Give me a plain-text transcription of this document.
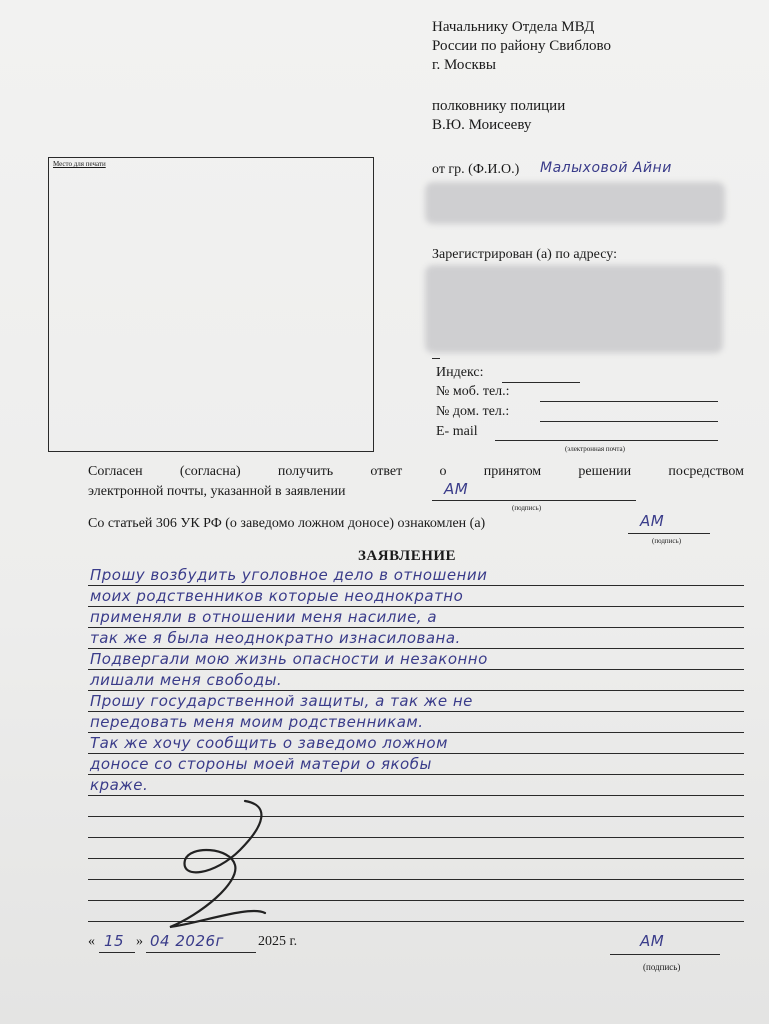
Начальнику Отдела МВД
России по району Свиблово
г. Москвы
полковнику полиции
В.Ю. Моисееву
Место для печати	от гр. (Ф.И.О.) Малыховой Айни
Зарегистрирован (а) по адресу:
Индекс:
№ моб. тел.:
№ дом. тел.:
E- mail
(электронная почта)
Согласен (согласна) получить ответ о принятом решении посредством
электронной почты, указанной в заявлении	АМ
(подпись)
Со статьей 306 УК РФ (о заведомо ложном доносе) ознакомлен (а)	АМ
(подпись)
ЗАЯВЛЕНИЕ
Прошу возбудить уголовное дело в отношении
моих родственников которые неоднократно
применяли в отношении меня насилие, а
так же я была неоднократно изнасилована.
Подвергали мою жизнь опасности и незаконно
лишали меня свободы.
Прошу государственной защиты, а так же не
передовать меня моим родственникам.
Так же хочу сообщить о заведомо ложном
доносе со стороны моей матери о якобы
краже.
« 15 » 04 2026г 2025 г.	АМ
(подпись)
